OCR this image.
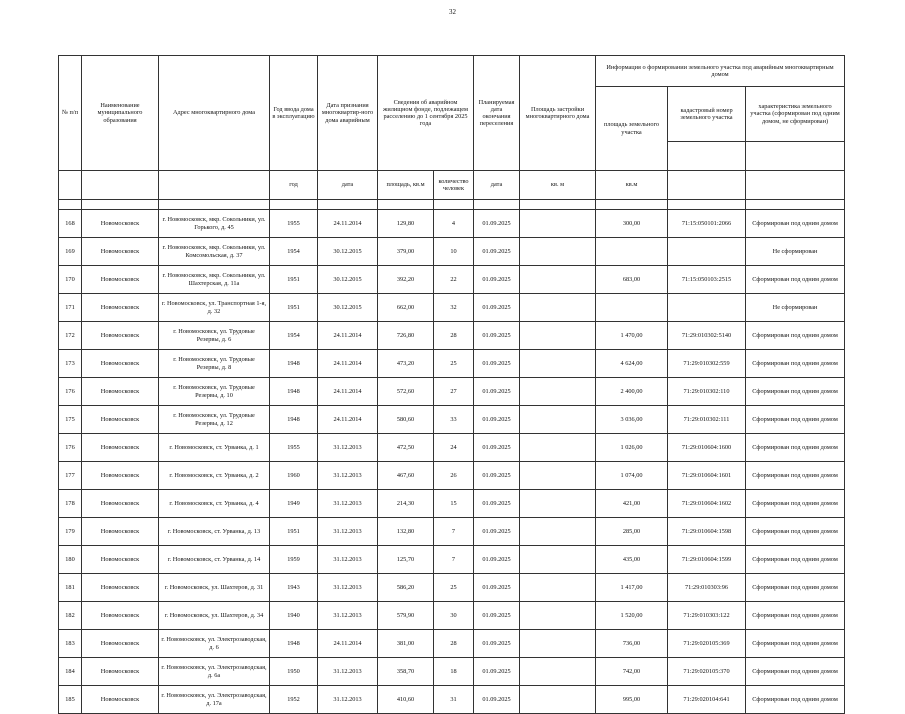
32
№ п/п	Наименование муниципального образования	Адрес многоквартирного дома	Год ввода дома в эксплуатацию	Дата признания многоквартир-ного дома аварийным	Сведения об аварийном жилищном фонде, подлежащем расселению до 1 сентября 2025 года		Планируемая дата окончания переселения	Площадь застройки многоквартирного дома	Информация о формировании земельного участка под аварийным многоквартирным домом		
									площадь земельного участка	кадастровый номер земельного участка	характеристика земельного участка (сформирован под одним домом, не сформирован)

			год	дата	площадь, кв.м	количество человек	дата	кв. м	кв.м		

168	Новомосковск	г. Новомосковск, мкр. Сокольники, ул. Горького, д. 45	1955	24.11.2014	129,80	4	01.09.2025		300,00	71:15:050101:2066	Сформирован под одним домом
169	Новомосковск	г. Новомосковск, мкр. Сокольники, ул. Комсомольская, д. 37	1954	30.12.2015	379,00	10	01.09.2025				Не сформирован
170	Новомосковск	г. Новомосковск, мкр. Сокольники, ул. Шахтерская, д. 11а	1951	30.12.2015	392,20	22	01.09.2025		683,00	71:15:050103:2515	Сформирован под одним домом
171	Новомосковск	г. Новомосковск, ул. Транспортная 1-я, д. 32	1951	30.12.2015	662,00	32	01.09.2025				Не сформирован
172	Новомосковск	г. Новомосковск, ул. Трудовые Резервы, д. 6	1954	24.11.2014	726,80	28	01.09.2025		1 470,00	71:29:010302:5140	Сформирован под одним домом
173	Новомосковск	г. Новомосковск, ул. Трудовые Резервы, д. 8	1948	24.11.2014	473,20	25	01.09.2025		4 624,00	71:29:010302:559	Сформирован под одним домом
176	Новомосковск	г. Новомосковск, ул. Трудовые Резервы, д. 10	1948	24.11.2014	572,60	27	01.09.2025		2 400,00	71:29:010302:110	Сформирован под одним домом
175	Новомосковск	г. Новомосковск, ул. Трудовые Резервы, д. 12	1948	24.11.2014	580,60	33	01.09.2025		3 036,00	71:29:010302:111	Сформирован под одним домом
176	Новомосковск	г. Новомосковск, ст. Урванка, д. 1	1955	31.12.2013	472,50	24	01.09.2025		1 026,00	71:29:010604:1600	Сформирован под одним домом
177	Новомосковск	г. Новомосковск, ст. Урванка, д. 2	1960	31.12.2013	467,60	26	01.09.2025		1 074,00	71:29:010604:1601	Сформирован под одним домом
178	Новомосковск	г. Новомосковск, ст. Урванка, д. 4	1949	31.12.2013	214,30	15	01.09.2025		421,00	71:29:010604:1602	Сформирован под одним домом
179	Новомосковск	г. Новомосковск, ст. Урванка, д. 13	1951	31.12.2013	132,80	7	01.09.2025		285,00	71:29:010604:1598	Сформирован под одним домом
180	Новомосковск	г. Новомосковск, ст. Урванка, д. 14	1959	31.12.2013	125,70	7	01.09.2025		435,00	71:29:010604:1599	Сформирован под одним домом
181	Новомосковск	г. Новомосковск, ул. Шахтеров, д. 31	1943	31.12.2013	586,20	25	01.09.2025		1 417,00	71:29:010303:96	Сформирован под одним домом
182	Новомосковск	г. Новомосковск, ул. Шахтеров, д. 34	1940	31.12.2013	579,90	30	01.09.2025		1 520,00	71:29:010303:122	Сформирован под одним домом
183	Новомосковск	г. Новомосковск, ул. Электрозаводская, д. 6	1948	24.11.2014	381,00	28	01.09.2025		736,00	71:29:020105:369	Сформирован под одним домом
184	Новомосковск	г. Новомосковск, ул. Электрозаводская, д. 6а	1950	31.12.2013	358,70	18	01.09.2025		742,00	71:29:020105:370	Сформирован под одним домом
185	Новомосковск	г. Новомосковск, ул. Электрозаводская, д. 17а	1952	31.12.2013	410,60	31	01.09.2025		995,00	71:29:020104:641	Сформирован под одним домом
